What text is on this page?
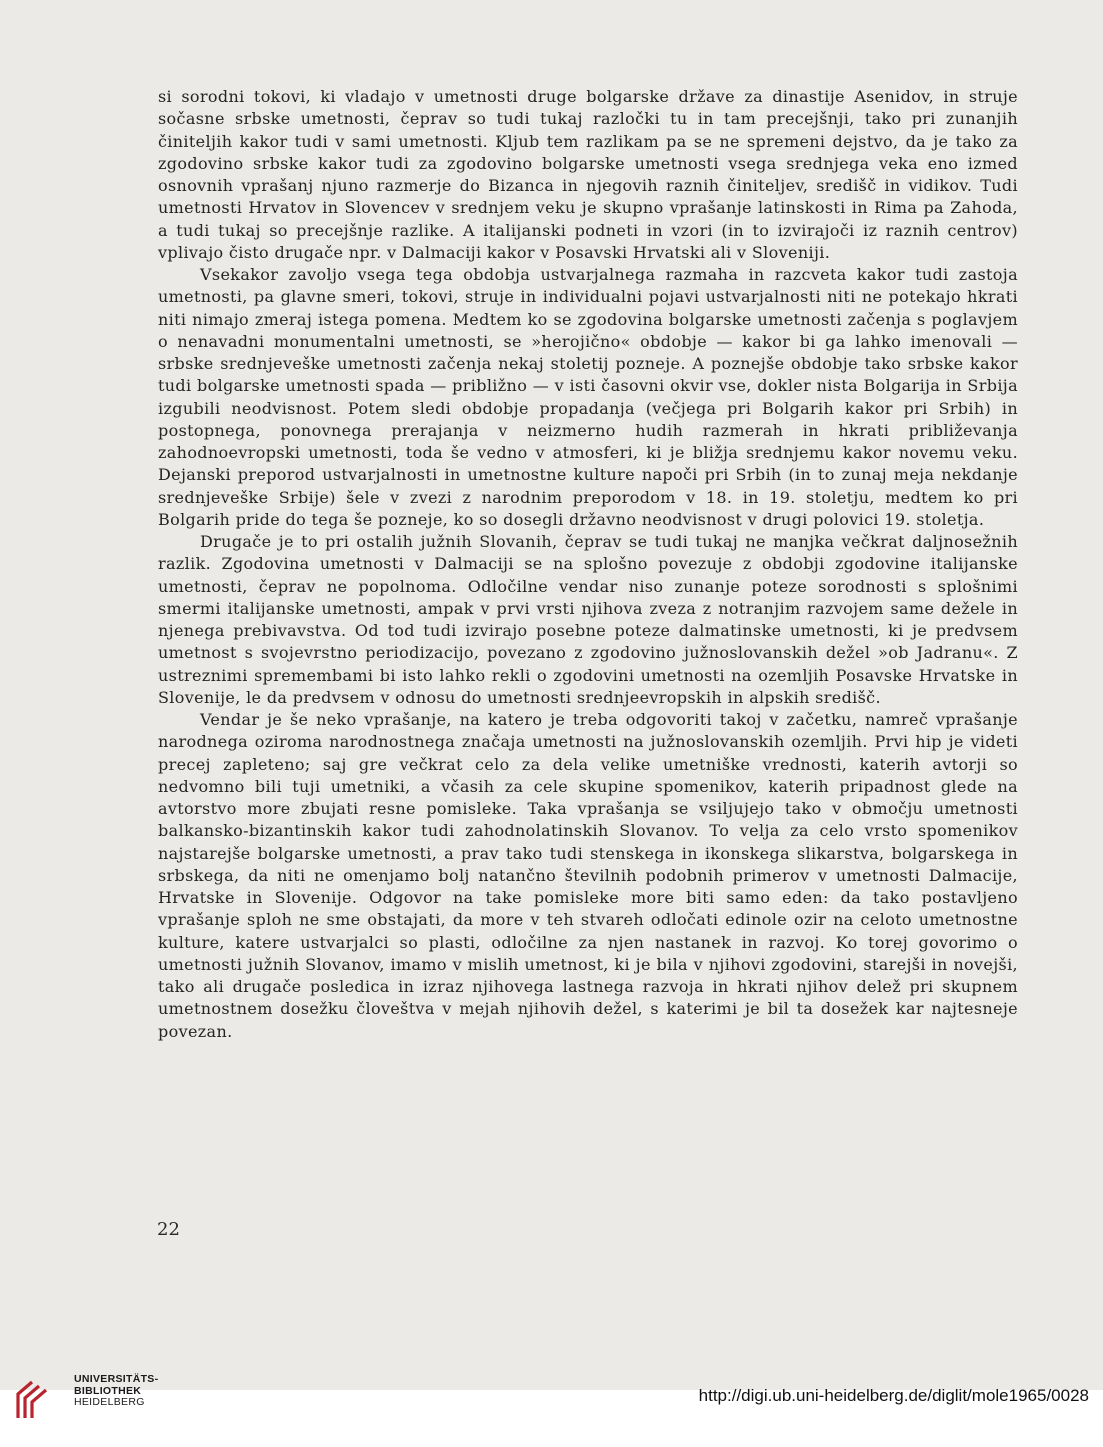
si sorodni tokovi, ki vladajo v umetnosti druge bolgarske države za dinastije Asenidov, in struje sočasne srbske umetnosti, čeprav so tudi tukaj razločki tu in tam precejšnji, tako pri zunanjih činiteljih kakor tudi v sami umetnosti. Kljub tem razlikam pa se ne spremeni dejstvo, da je tako za zgodovino srbske kakor tudi za zgodovino bolgarske umetnosti vsega srednjega veka eno izmed osnovnih vprašanj njuno razmerje do Bizanca in njegovih raznih činiteljev, središč in vidikov. Tudi umetnosti Hrvatov in Slovencev v srednjem veku je skupno vprašanje latinskosti in Rima pa Zahoda, a tudi tukaj so precejšnje razlike. A italijanski podneti in vzori (in to izvirajoči iz raznih centrov) vplivajo čisto drugače npr. v Dalmaciji kakor v Posavski Hrvatski ali v Sloveniji.

Vsekakor zavoljo vsega tega obdobja ustvarjalnega razmaha in razcveta kakor tudi zastoja umetnosti, pa glavne smeri, tokovi, struje in individualni pojavi ustvarjalnosti niti ne potekajo hkrati niti nimajo zmeraj istega pomena. Medtem ko se zgodovina bolgarske umetnosti začenja s poglavjem o nenavadni monumentalni umetnosti, se »herojično« obdobje — kakor bi ga lahko imenovali — srbske srednjeveške umetnosti začenja nekaj stoletij pozneje. A poznejše obdobje tako srbske kakor tudi bolgarske umetnosti spada — približno — v isti časovni okvir vse, dokler nista Bolgarija in Srbija izgubili neodvisnost. Potem sledi obdobje propadanja (večjega pri Bolgarih kakor pri Srbih) in postopnega, ponovnega prerajanja v neizmerno hudih razmerah in hkrati približevanja zahodnoevropski umetnosti, toda še vedno v atmosferi, ki je bližja srednjemu kakor novemu veku. Dejanski preporod ustvarjalnosti in umetnostne kulture napoči pri Srbih (in to zunaj meja nekdanje srednjeveške Srbije) šele v zvezi z narodnim preporodom v 18. in 19. stoletju, medtem ko pri Bolgarih pride do tega še pozneje, ko so dosegli državno neodvisnost v drugi polovici 19. stoletja.

Drugače je to pri ostalih južnih Slovanih, čeprav se tudi tukaj ne manjka večkrat daljnosežnih razlik. Zgodovina umetnosti v Dalmaciji se na splošno povezuje z obdobji zgodovine italijanske umetnosti, čeprav ne popolnoma. Odločilne vendar niso zunanje poteze sorodnosti s splošnimi smermi italijanske umetnosti, ampak v prvi vrsti njihova zveza z notranjim razvojem same dežele in njenega prebivavstva. Od tod tudi izvirajo posebne poteze dalmatinske umetnosti, ki je predvsem umetnost s svojevrstno periodizacijo, povezano z zgodovino južnoslovanskih dežel »ob Jadranu«. Z ustreznimi spremembami bi isto lahko rekli o zgodovini umetnosti na ozemljih Posavske Hrvatske in Slovenije, le da predvsem v odnosu do umetnosti srednjeevropskih in alpskih središč.

Vendar je še neko vprašanje, na katero je treba odgovoriti takoj v začetku, namreč vprašanje narodnega oziroma narodnostnega značaja umetnosti na južnoslovanskih ozemljih. Prvi hip je videti precej zapleteno; saj gre večkrat celo za dela velike umetniške vrednosti, katerih avtorji so nedvomno bili tuji umetniki, a včasih za cele skupine spomenikov, katerih pripadnost glede na avtorstvo more zbujati resne pomisleke. Taka vprašanja se vsiljujejo tako v območju umetnosti balkansko-bizantinskih kakor tudi zahodnolatinskih Slovanov. To velja za celo vrsto spomenikov najstarejše bolgarske umetnosti, a prav tako tudi stenskega in ikonskega slikarstva, bolgarskega in srbskega, da niti ne omenjamo bolj natančno številnih podobnih primerov v umetnosti Dalmacije, Hrvatske in Slovenije. Odgovor na take pomisleke more biti samo eden: da tako postavljeno vprašanje sploh ne sme obstajati, da more v teh stvareh odločati edinole ozir na celoto umetnostne kulture, katere ustvarjalci so plasti, odločilne za njen nastanek in razvoj. Ko torej govorimo o umetnosti južnih Slovanov, imamo v mislih umetnost, ki je bila v njihovi zgodovini, starejši in novejši, tako ali drugače posledica in izraz njihovega lastnega razvoja in hkrati njihov delež pri skupnem umetnostnem dosežku človeštva v mejah njihovih dežel, s katerimi je bil ta dosežek kar najtesneje povezan.

22
UNIVERSITÄTS-
BIBLIOTHEK
HEIDELBERG	http://digi.ub.uni-heidelberg.de/diglit/mole1965/0028
